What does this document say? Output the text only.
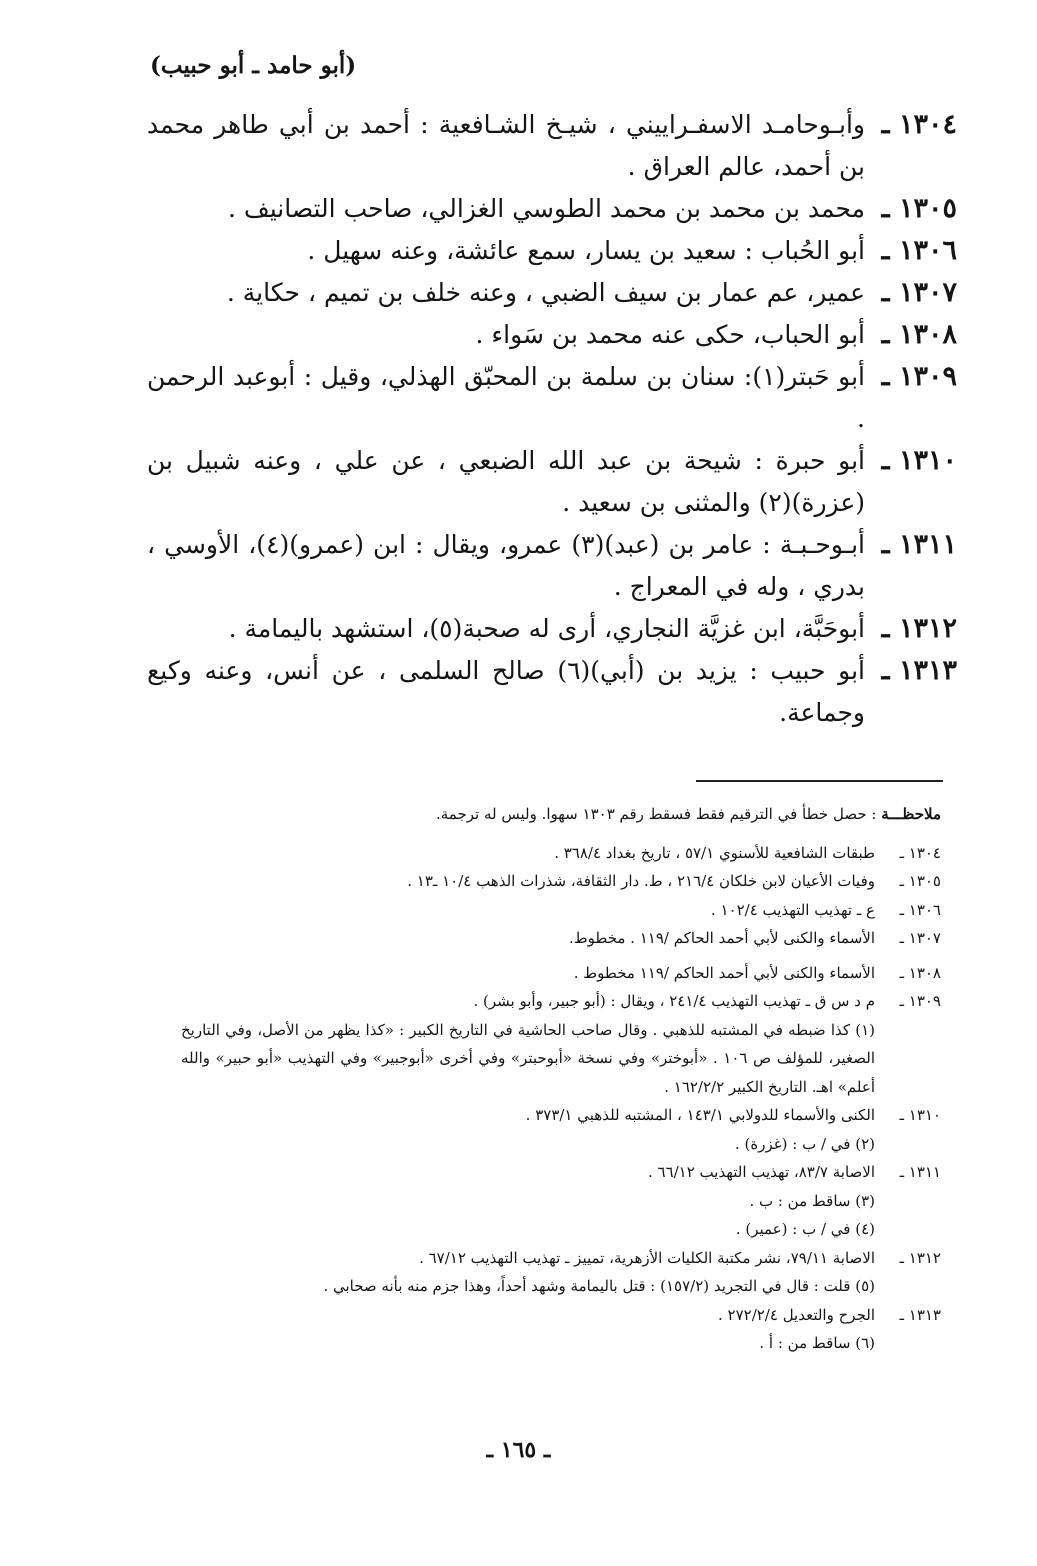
(أبو حامد ـ أبو حبيب)
١٣٠٤ ـ
وأبـوحامـد الاسفـراييني ، شيـخ الشـافعية : أحمد بن أبي طاهر محمد بن أحمد، عالم العراق .
١٣٠٥ ـ
محمد بن محمد بن محمد الطوسي الغزالي، صاحب التصانيف .
١٣٠٦ ـ
أبو الحُباب : سعيد بن يسار، سمع عائشة، وعنه سهيل .
١٣٠٧ ـ
عمير، عم عمار بن سيف الضبي ، وعنه خلف بن تميم ، حكاية .
١٣٠٨ ـ
أبو الحباب، حكى عنه محمد بن سَواء .
١٣٠٩ ـ
أبو حَبتر(١): سنان بن سلمة بن المحبّق الهذلي، وقيل : أبوعبد الرحمن .
١٣١٠ ـ
أبو حبرة : شيحة بن عبد الله الضبعي ، عن علي ، وعنه شبيل بن (عزرة)(٢) والمثنى بن سعيد .
١٣١١ ـ
أبـوحـبـة : عامر بن (عبد)(٣) عمرو، ويقال : ابن (عمرو)(٤)، الأوسي ، بدري ، وله في المعراج .
١٣١٢ ـ
أبوحَبَّة، ابن غزيَّة النجاري، أرى له صحبة(٥)، استشهد باليمامة .
١٣١٣ ـ
أبو حبيب : يزيد بن (أبي)(٦) صالح السلمى ، عن أنس، وعنه وكيع وجماعة.
ملاحظـــة : حصل خطأ في الترقيم فقط فسقط رقم ١٣٠٣ سهوا. وليس له ترجمة.
١٣٠٤ ـ
طبقات الشافعية للأسنوي ٥٧/١ ، تاريخ بغداد ٣٦٨/٤ .
١٣٠٥ ـ
وفيات الأعيان لابن خلكان ٢١٦/٤ ، ط. دار الثقافة، شذرات الذهب ١٠/٤ ـ١٣ .
١٣٠٦ ـ
ع ـ تهذيب التهذيب ١٠٢/٤ .
١٣٠٧ ـ
الأسماء والكنى لأبي أحمد الحاكم /١١٩ . مخطوط.
١٣٠٨ ـ
الأسماء والكنى لأبي أحمد الحاكم /١١٩ مخطوط .
١٣٠٩ ـ
م د س ق ـ تهذيب التهذيب ٢٤١/٤ ، ويقال : (أبو جبير، وأبو بشر) .
(١) كذا ضبطه في المشتبه للذهبي . وقال صاحب الحاشية في التاريخ الكبير : «كذا يظهر من الأصل، وفي التاريخ الصغير، للمؤلف ص ١٠٦ . «أبوختر» وفي نسخة «أبوحبتر» وفي أخرى «أبوجبير» وفي التهذيب «أبو حبير» والله أعلم» اهـ. التاريخ الكبير ١٦٢/٢/٢ .
١٣١٠ ـ
الكنى والأسماء للدولابي ١٤٣/١ ، المشتبه للذهبي ٣٧٣/١ .
(٢) في / ب : (غزرة) .
١٣١١ ـ
الاصابة ٨٣/٧، تهذيب التهذيب ٦٦/١٢ .
(٣) ساقط من : ب .
(٤) في / ب : (عمير) .
١٣١٢ ـ
الاصابة ٧٩/١١، نشر مكتبة الكليات الأزهرية، تمييز ـ تهذيب التهذيب ٦٧/١٢ .
(٥) قلت : قال في التجريد (١٥٧/٢) : قتل باليمامة وشهد أحداً، وهذا جزم منه بأنه صحابي .
١٣١٣ ـ
الجرح والتعديل ٢٧٢/٢/٤ .
(٦) ساقط من : أ .
ـ ١٦٥ ـ
